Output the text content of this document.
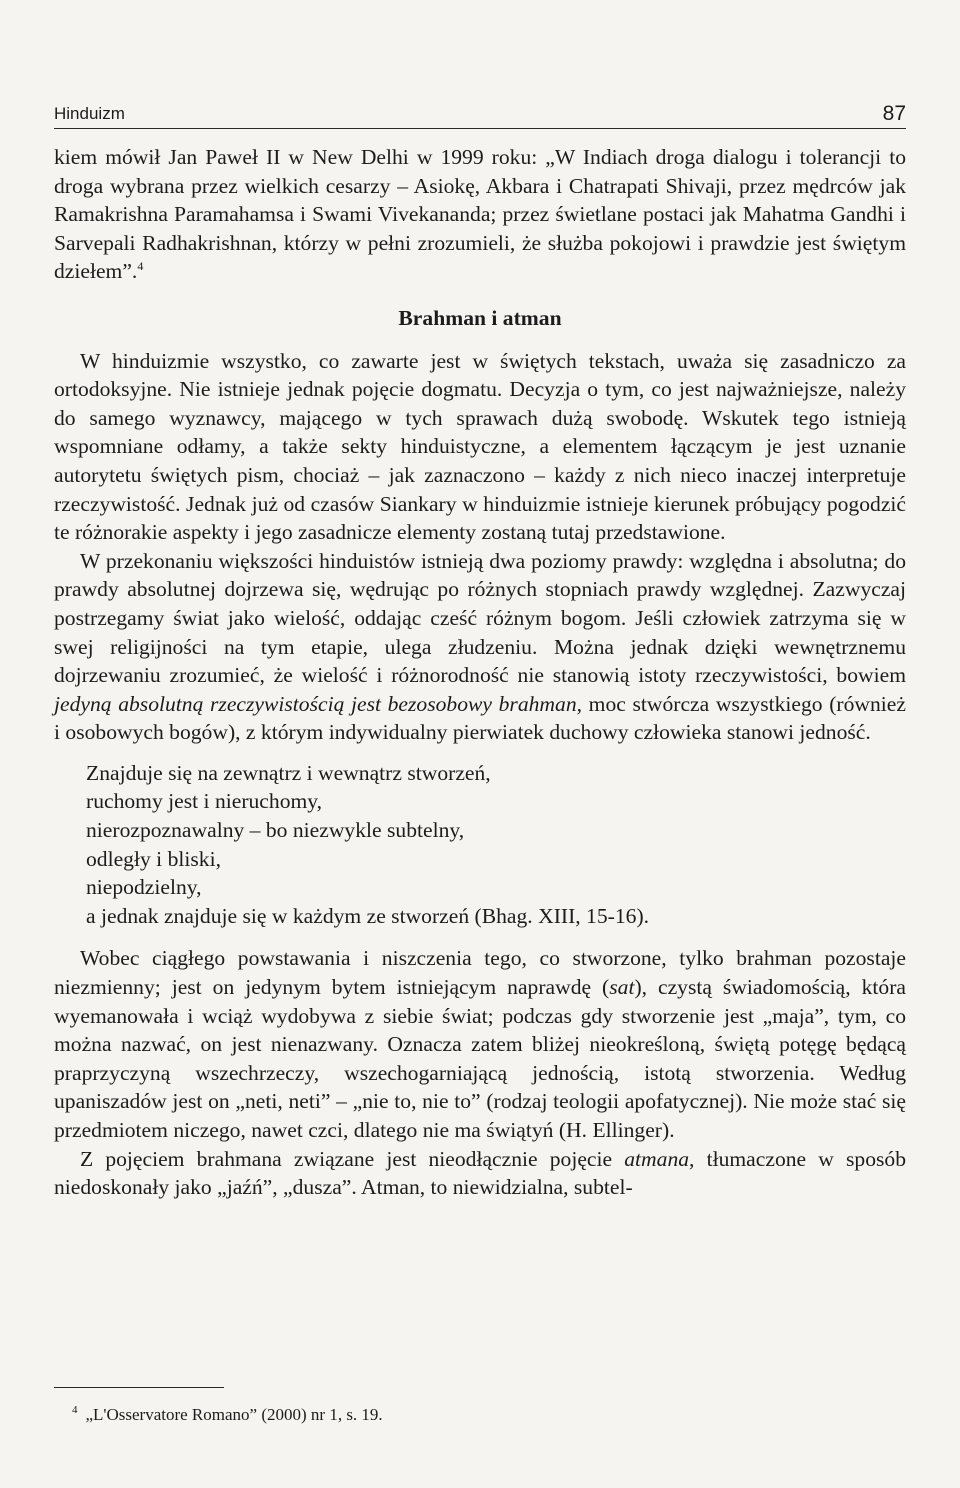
Hinduizm	87

kiem mówił Jan Paweł II w New Delhi w 1999 roku: „W Indiach droga dialogu i tolerancji to droga wybrana przez wielkich cesarzy – Asiokę, Akbara i Chatrapati Shivaji, przez mędrców jak Ramakrishna Paramahamsa i Swami Vivekananda; przez świetlane postaci jak Mahatma Gandhi i Sarvepali Radhakrishnan, którzy w pełni zrozumieli, że służba pokojowi i prawdzie jest świętym dziełem”.$^4$

Brahman i atman

W hinduizmie wszystko, co zawarte jest w świętych tekstach, uważa się zasadniczo za ortodoksyjne. Nie istnieje jednak pojęcie dogmatu. Decyzja o tym, co jest najważniejsze, należy do samego wyznawcy, mającego w tych sprawach dużą swobodę. Wskutek tego istnieją wspomniane odłamy, a także sekty hinduistyczne, a elementem łączącym je jest uznanie autorytetu świętych pism, chociaż – jak zaznaczono – każdy z nich nieco inaczej interpretuje rzeczywistość. Jednak już od czasów Siankary w hinduizmie istnieje kierunek próbujący pogodzić te różnorakie aspekty i jego zasadnicze elementy zostaną tutaj przedstawione.

W przekonaniu większości hinduistów istnieją dwa poziomy prawdy: względna i absolutna; do prawdy absolutnej dojrzewa się, wędrując po różnych stopniach prawdy względnej. Zazwyczaj postrzegamy świat jako wielość, oddając cześć różnym bogom. Jeśli człowiek zatrzyma się w swej religijności na tym etapie, ulega złudzeniu. Można jednak dzięki wewnętrznemu dojrzewaniu zrozumieć, że wielość i różnorodność nie stanowią istoty rzeczywistości, bowiem jedyną absolutną rzeczywistością jest bezosobowy brahman, moc stwórcza wszystkiego (również i osobowych bogów), z którym indywidualny pierwiatek duchowy człowieka stanowi jedność.

Znajduje się na zewnątrz i wewnątrz stworzeń,
ruchomy jest i nieruchomy,
nierozpoznawalny – bo niezwykle subtelny,
odległy i bliski,
niepodzielny,
a jednak znajduje się w każdym ze stworzeń (Bhag. XIII, 15-16).

Wobec ciągłego powstawania i niszczenia tego, co stworzone, tylko brahman pozostaje niezmienny; jest on jedynym bytem istniejącym naprawdę (sat), czystą świadomością, która wyemanowała i wciąż wydobywa z siebie świat; podczas gdy stworzenie jest „maja”, tym, co można nazwać, on jest nienazwany. Oznacza zatem bliżej nieokreśloną, świętą potęgę będącą praprzyczyną wszechrzeczy, wszechogarniającą jednością, istotą stworzenia. Według upaniszadów jest on „neti, neti” – „nie to, nie to” (rodzaj teologii apofatycznej). Nie może stać się przedmiotem niczego, nawet czci, dlatego nie ma świątyń (H. Ellinger).

Z pojęciem brahmana związane jest nieodłącznie pojęcie atmana, tłumaczone w sposób niedoskonały jako „jaźń”, „dusza”. Atman, to niewidzialna, subtel-

$^4$ „L'Osservatore Romano” (2000) nr 1, s. 19.
